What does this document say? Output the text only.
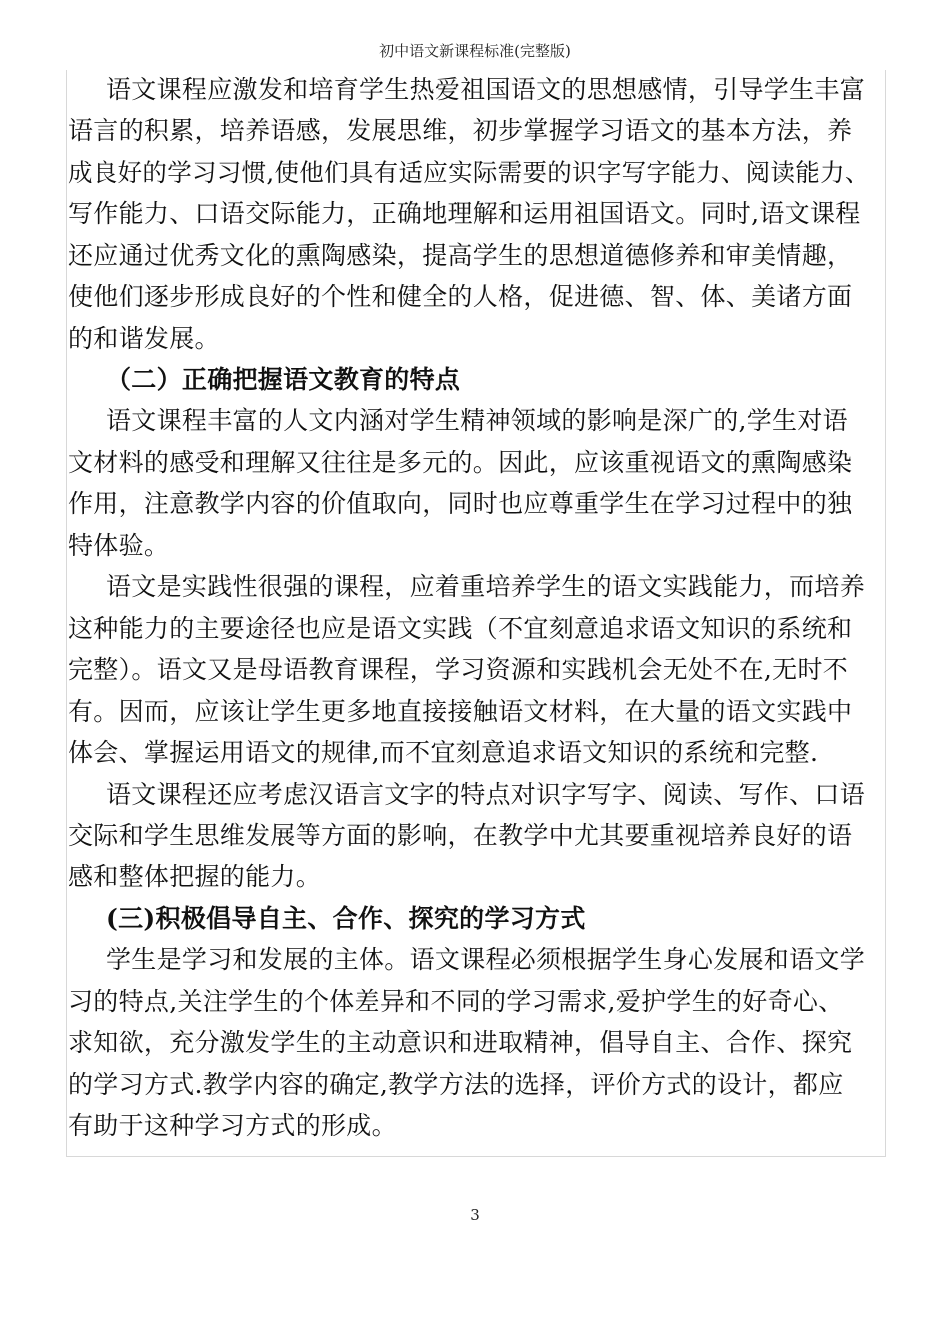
初中语文新课程标准(完整版)
语文课程应激发和培育学生热爱祖国语文的思想感情，引导学生丰富
语言的积累，培养语感，发展思维，初步掌握学习语文的基本方法，养
成良好的学习习惯,使他们具有适应实际需要的识字写字能力、阅读能力、
写作能力、口语交际能力，正确地理解和运用祖国语文。同时,语文课程
还应通过优秀文化的熏陶感染，提高学生的思想道德修养和审美情趣，
使他们逐步形成良好的个性和健全的人格，促进德、智、体、美诸方面
的和谐发展。
（二）正确把握语文教育的特点
语文课程丰富的人文内涵对学生精神领域的影响是深广的,学生对语
文材料的感受和理解又往往是多元的。因此，应该重视语文的熏陶感染
作用，注意教学内容的价值取向，同时也应尊重学生在学习过程中的独
特体验。
语文是实践性很强的课程，应着重培养学生的语文实践能力，而培养
这种能力的主要途径也应是语文实践（不宜刻意追求语文知识的系统和
完整）。语文又是母语教育课程，学习资源和实践机会无处不在,无时不
有。因而，应该让学生更多地直接接触语文材料，在大量的语文实践中
体会、掌握运用语文的规律,而不宜刻意追求语文知识的系统和完整.
语文课程还应考虑汉语言文字的特点对识字写字、阅读、写作、口语
交际和学生思维发展等方面的影响，在教学中尤其要重视培养良好的语
感和整体把握的能力。
(三)积极倡导自主、合作、探究的学习方式
学生是学习和发展的主体。语文课程必须根据学生身心发展和语文学
习的特点,关注学生的个体差异和不同的学习需求,爱护学生的好奇心、
求知欲，充分激发学生的主动意识和进取精神，倡导自主、合作、探究
的学习方式.教学内容的确定,教学方法的选择，评价方式的设计，都应
有助于这种学习方式的形成。
3
